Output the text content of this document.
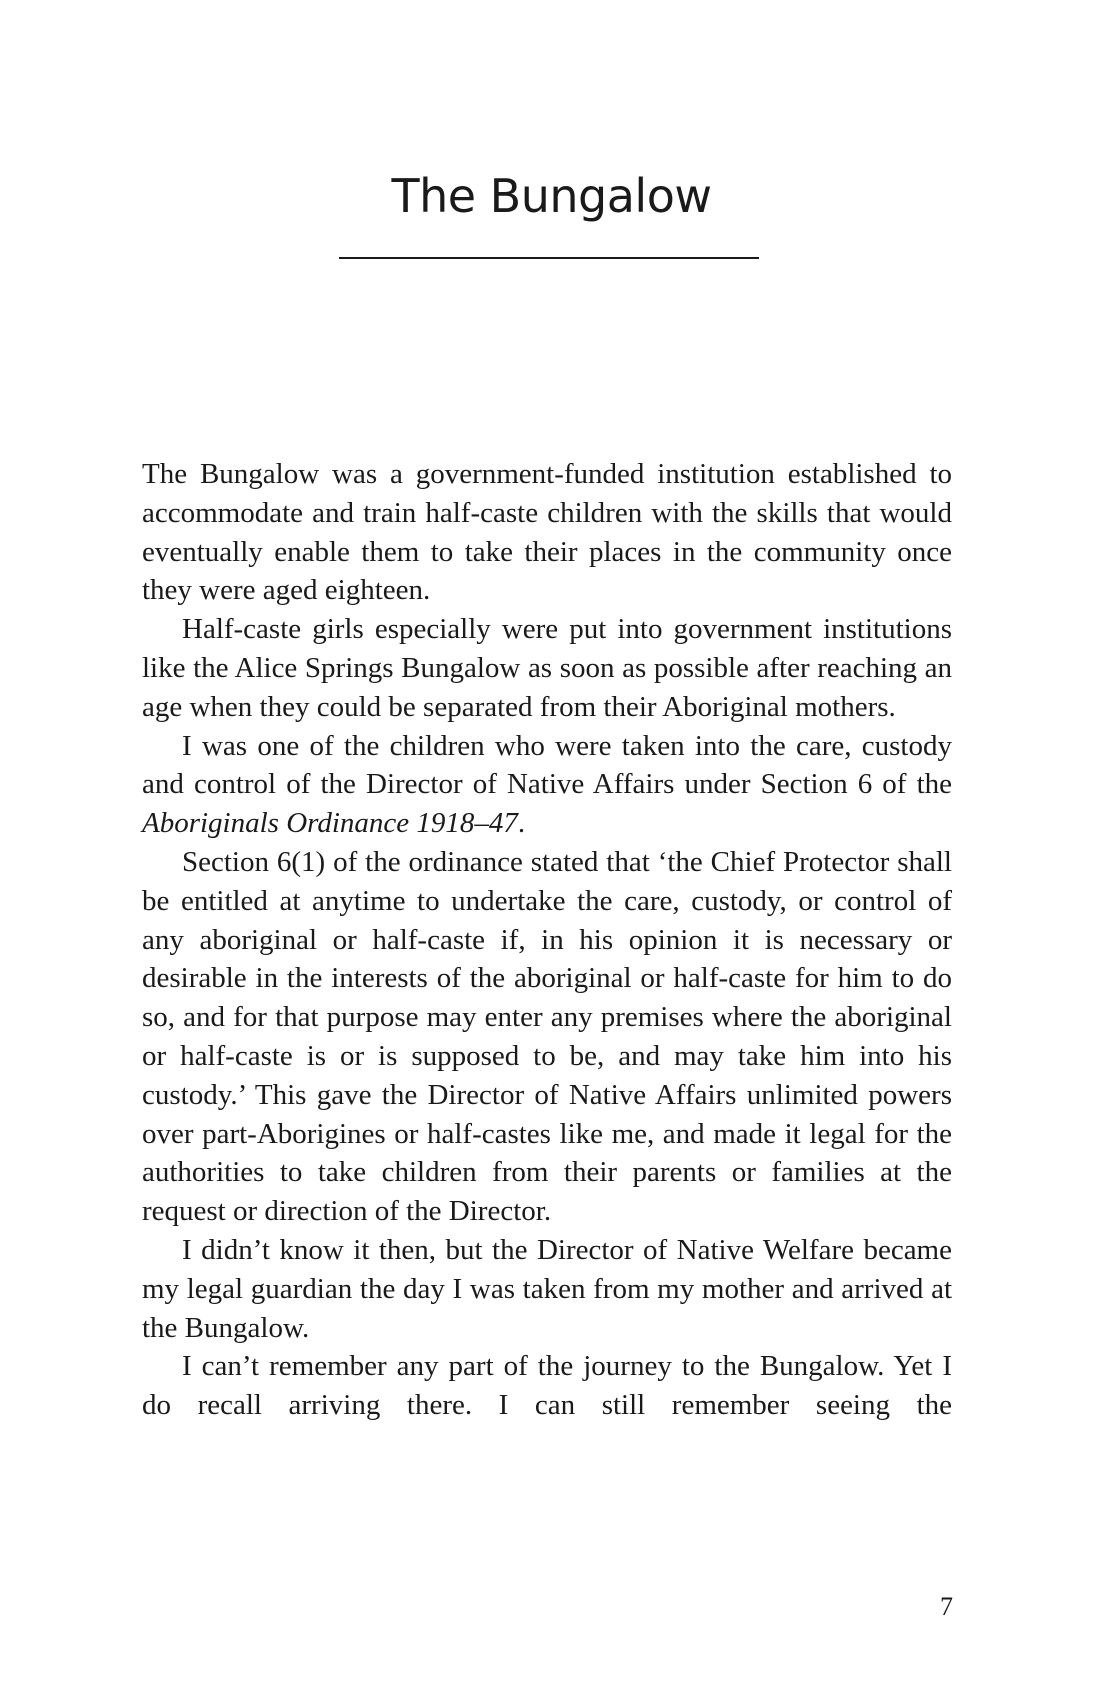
The Bungalow

The Bungalow was a government-funded institution established to accommodate and train half-caste children with the skills that would eventually enable them to take their places in the community once they were aged eighteen.

Half-caste girls especially were put into government institutions like the Alice Springs Bungalow as soon as possible after reaching an age when they could be separated from their Aboriginal mothers.

I was one of the children who were taken into the care, custody and control of the Director of Native Affairs under Section 6 of the Aboriginals Ordinance 1918–47.

Section 6(1) of the ordinance stated that ‘the Chief Protector shall be entitled at anytime to undertake the care, custody, or control of any aboriginal or half-caste if, in his opinion it is necessary or desirable in the interests of the aboriginal or half-caste for him to do so, and for that purpose may enter any premises where the aboriginal or half-caste is or is supposed to be, and may take him into his custody.’ This gave the Director of Native Affairs unlimited powers over part-Aborigines or half-castes like me, and made it legal for the authorities to take children from their parents or families at the request or direction of the Director.

I didn’t know it then, but the Director of Native Welfare became my legal guardian the day I was taken from my mother and arrived at the Bungalow.

I can’t remember any part of the journey to the Bungalow. Yet I do recall arriving there. I can still remember seeing the

7
